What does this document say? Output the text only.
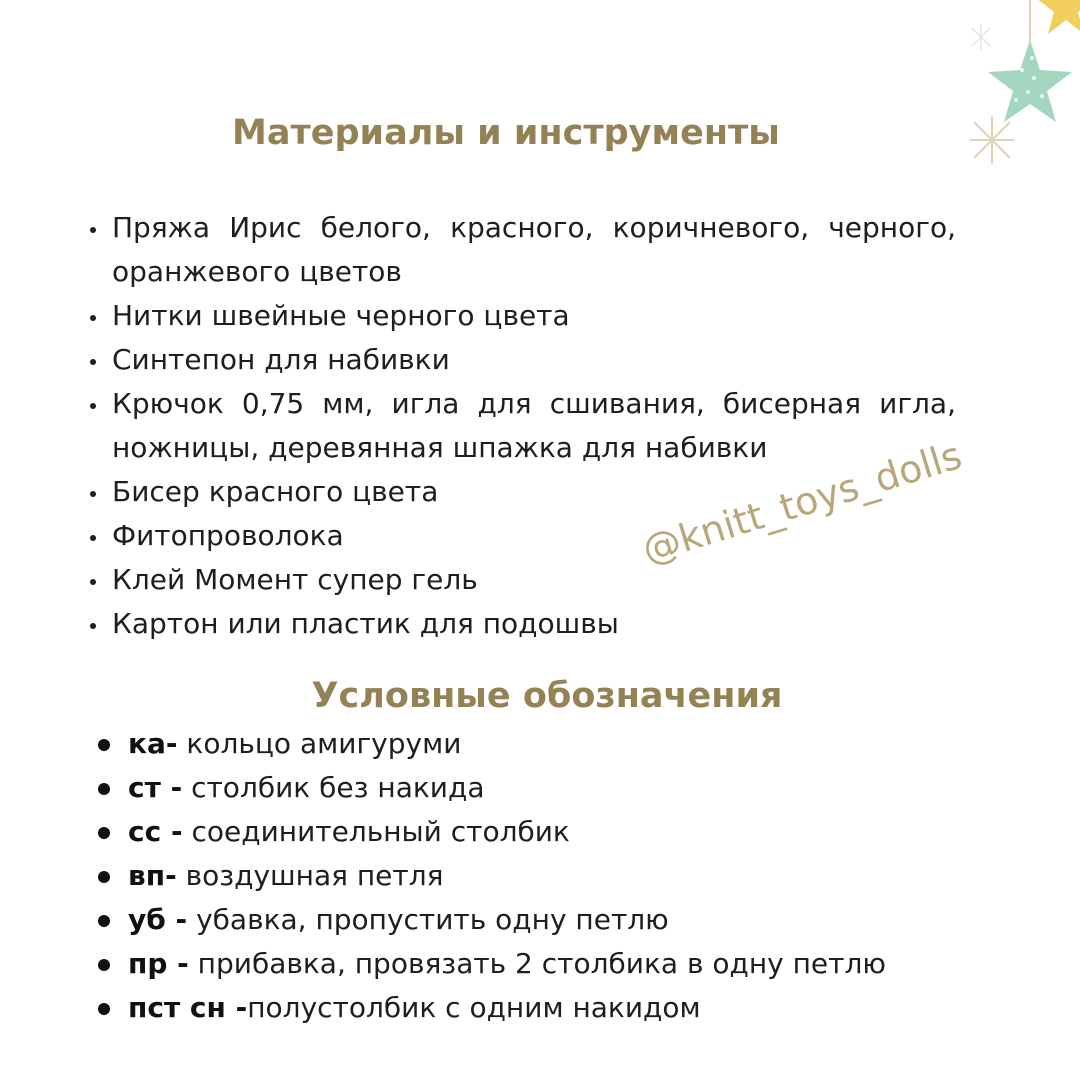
Материалы и инструменты
Пряжа Ирис белого, красного, коричневого, черного, оранжевого цветов
Нитки швейные черного цвета
Синтепон для набивки
Крючок 0,75 мм, игла для сшивания, бисерная игла, ножницы, деревянная шпажка для набивки
Бисер красного цвета
Фитопроволока
Клей Момент супер гель
Картон или пластик для подошвы
@knitt_toys_dolls
Условные обозначения
ка- кольцо амигуруми
ст - столбик без накида
сс - соединительный столбик
вп- воздушная петля
уб - убавка, пропустить одну петлю
пр - прибавка, провязать 2 столбика в одну петлю
пст сн -полустолбик с одним накидом
